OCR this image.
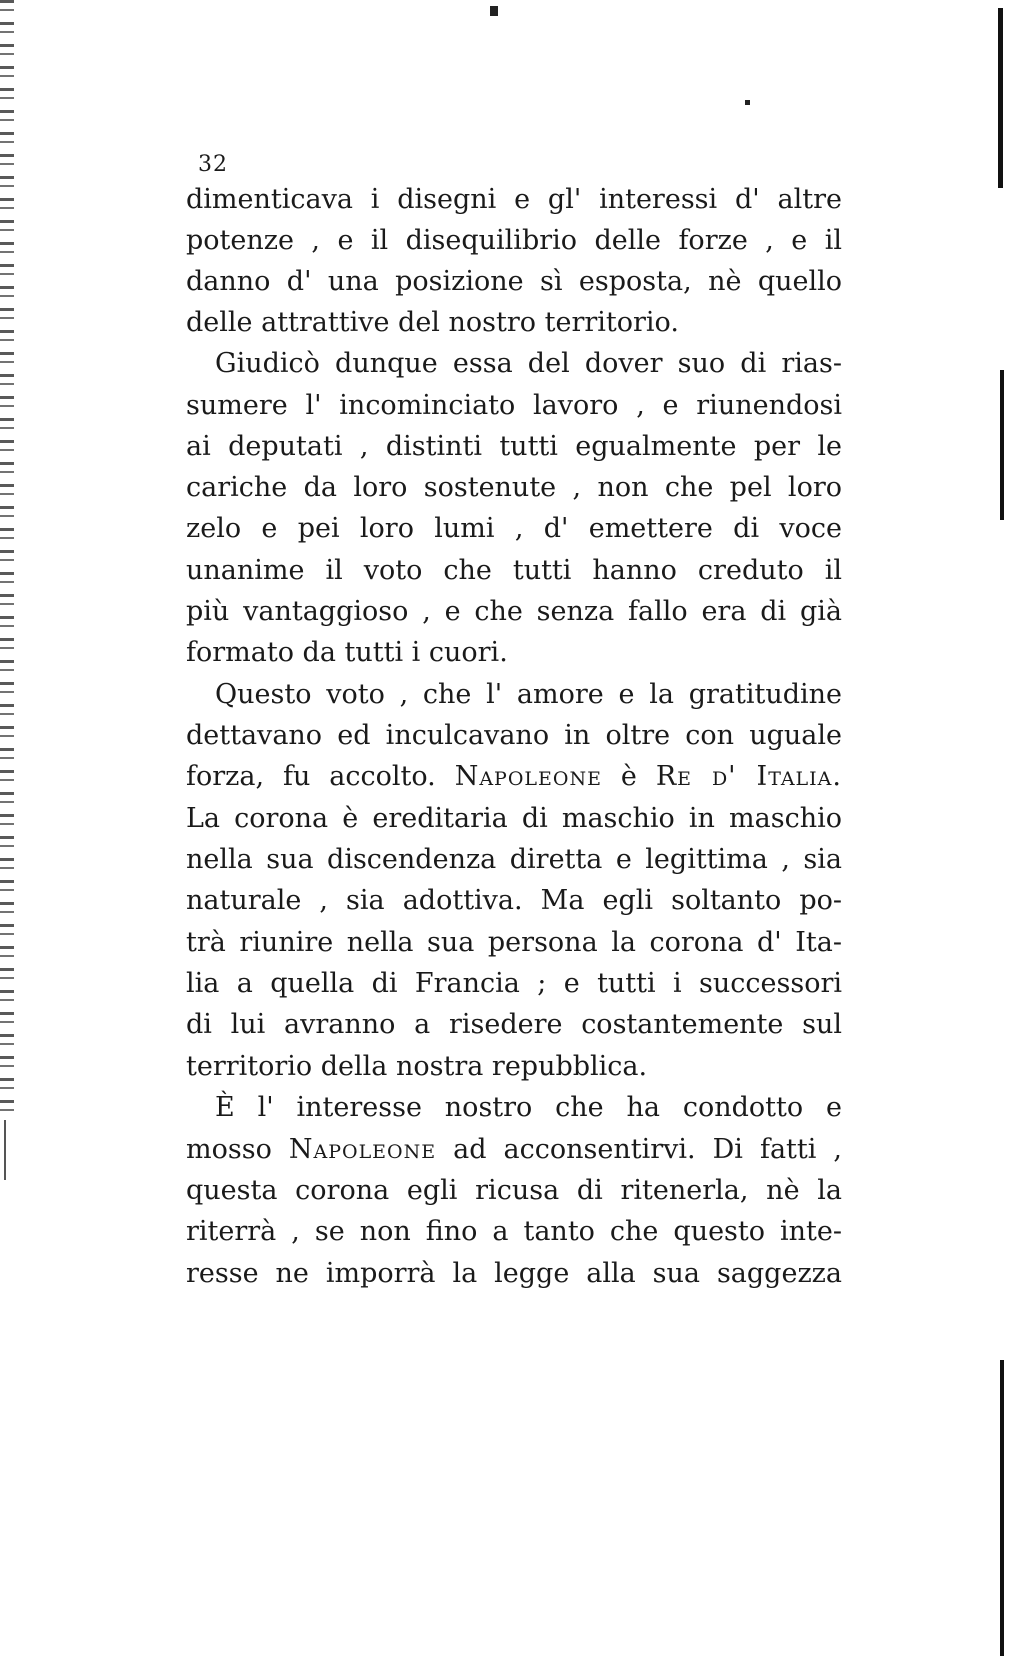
32
dimenticava i disegni e gl' interessi d' altre
potenze , e il disequilibrio delle forze , e il
danno d' una posizione sì esposta, nè quello
delle attrattive del nostro territorio.
Giudicò dunque essa del dover suo di rias-
sumere l' incominciato lavoro , e riunendosi
ai deputati , distinti tutti egualmente per le
cariche da loro sostenute , non che pel loro
zelo e pei loro lumi , d' emettere di voce
unanime il voto che tutti hanno creduto il
più vantaggioso , e che senza fallo era di già
formato da tutti i cuori.
Questo voto , che l' amore e la gratitudine
dettavano ed inculcavano in oltre con uguale
forza, fu accolto. Napoleone è Re d' Italia.
La corona è ereditaria di maschio in maschio
nella sua discendenza diretta e legittima , sia
naturale , sia adottiva. Ma egli soltanto po-
trà riunire nella sua persona la corona d' Ita-
lia a quella di Francia ; e tutti i successori
di lui avranno a risedere costantemente sul
territorio della nostra repubblica.
È l' interesse nostro che ha condotto e
mosso Napoleone ad acconsentirvi. Di fatti ,
questa corona egli ricusa di ritenerla, nè la
riterrà , se non fino a tanto che questo inte-
resse ne imporrà la legge alla sua saggezza
